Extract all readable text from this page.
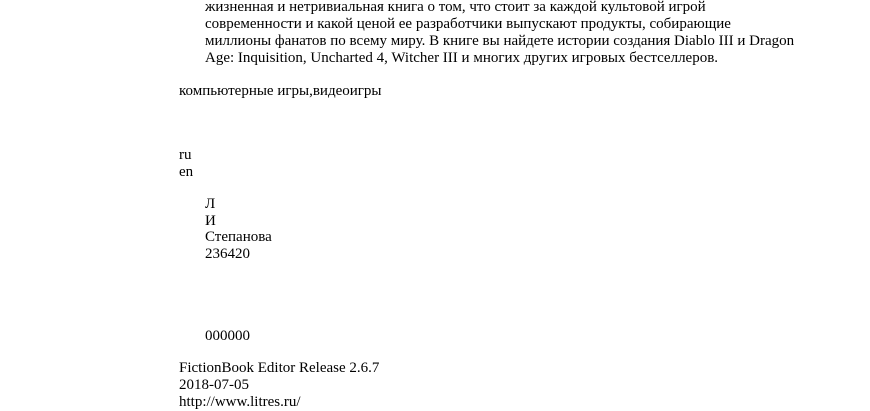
жизненная и нетривиальная книга о том, что стоит за каждой культовой игрой

современности и какой ценой ее разработчики выпускают продукты, собирающие

миллионы фанатов по всему миру. В книге вы найдете истории создания Diablo III и Dragon

Age: Inquisition, Uncharted 4, Witcher III и многих других игровых бестселлеров.

компьютерные игры,видеоигры

ru

en

Л

И

Степанова

236420

000000

FictionBook Editor Release 2.6.7

2018-07-05

http://www.litres.ru/
